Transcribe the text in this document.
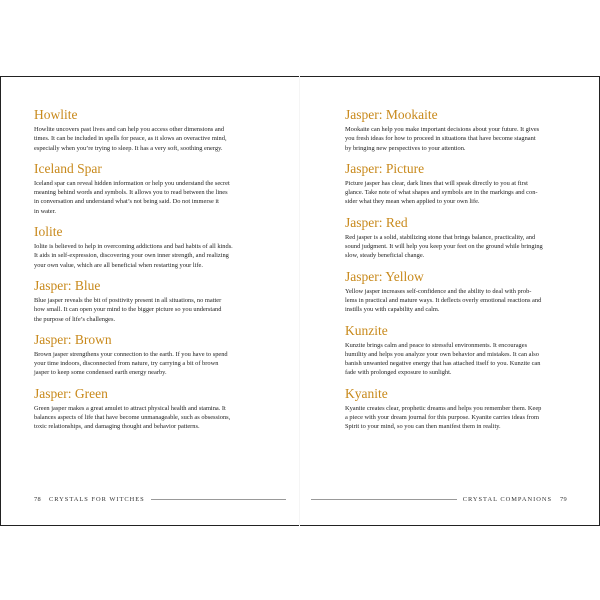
Howlite
Howlite uncovers past lives and can help you access other dimensions and
times. It can be included in spells for peace, as it slows an overactive mind,
especially when you’re trying to sleep. It has a very soft, soothing energy.
Iceland Spar
Iceland spar can reveal hidden information or help you understand the secret
meaning behind words and symbols. It allows you to read between the lines
in conversation and understand what’s not being said. Do not immerse it
in water.
Iolite
Iolite is believed to help in overcoming addictions and bad habits of all kinds.
It aids in self-expression, discovering your own inner strength, and realizing
your own value, which are all beneficial when restarting your life.
Jasper: Blue
Blue jasper reveals the bit of positivity present in all situations, no matter
how small. It can open your mind to the bigger picture so you understand
the purpose of life’s challenges.
Jasper: Brown
Brown jasper strengthens your connection to the earth. If you have to spend
your time indoors, disconnected from nature, try carrying a bit of brown
jasper to keep some condensed earth energy nearby.
Jasper: Green
Green jasper makes a great amulet to attract physical health and stamina. It
balances aspects of life that have become unmanageable, such as obsessions,
toxic relationships, and damaging thought and behavior patterns.
78 CRYSTALS FOR WITCHES
Jasper: Mookaite
Mookaite can help you make important decisions about your future. It gives
you fresh ideas for how to proceed in situations that have become stagnant
by bringing new perspectives to your attention.
Jasper: Picture
Picture jasper has clear, dark lines that will speak directly to you at first
glance. Take note of what shapes and symbols are in the markings and con-
sider what they mean when applied to your own life.
Jasper: Red
Red jasper is a solid, stabilizing stone that brings balance, practicality, and
sound judgment. It will help you keep your feet on the ground while bringing
slow, steady beneficial change.
Jasper: Yellow
Yellow jasper increases self-confidence and the ability to deal with prob-
lems in practical and mature ways. It deflects overly emotional reactions and
instills you with capability and calm.
Kunzite
Kunzite brings calm and peace to stressful environments. It encourages
humility and helps you analyze your own behavior and mistakes. It can also
banish unwanted negative energy that has attached itself to you. Kunzite can
fade with prolonged exposure to sunlight.
Kyanite
Kyanite creates clear, prophetic dreams and helps you remember them. Keep
a piece with your dream journal for this purpose. Kyanite carries ideas from
Spirit to your mind, so you can then manifest them in reality.
CRYSTAL COMPANIONS 79
